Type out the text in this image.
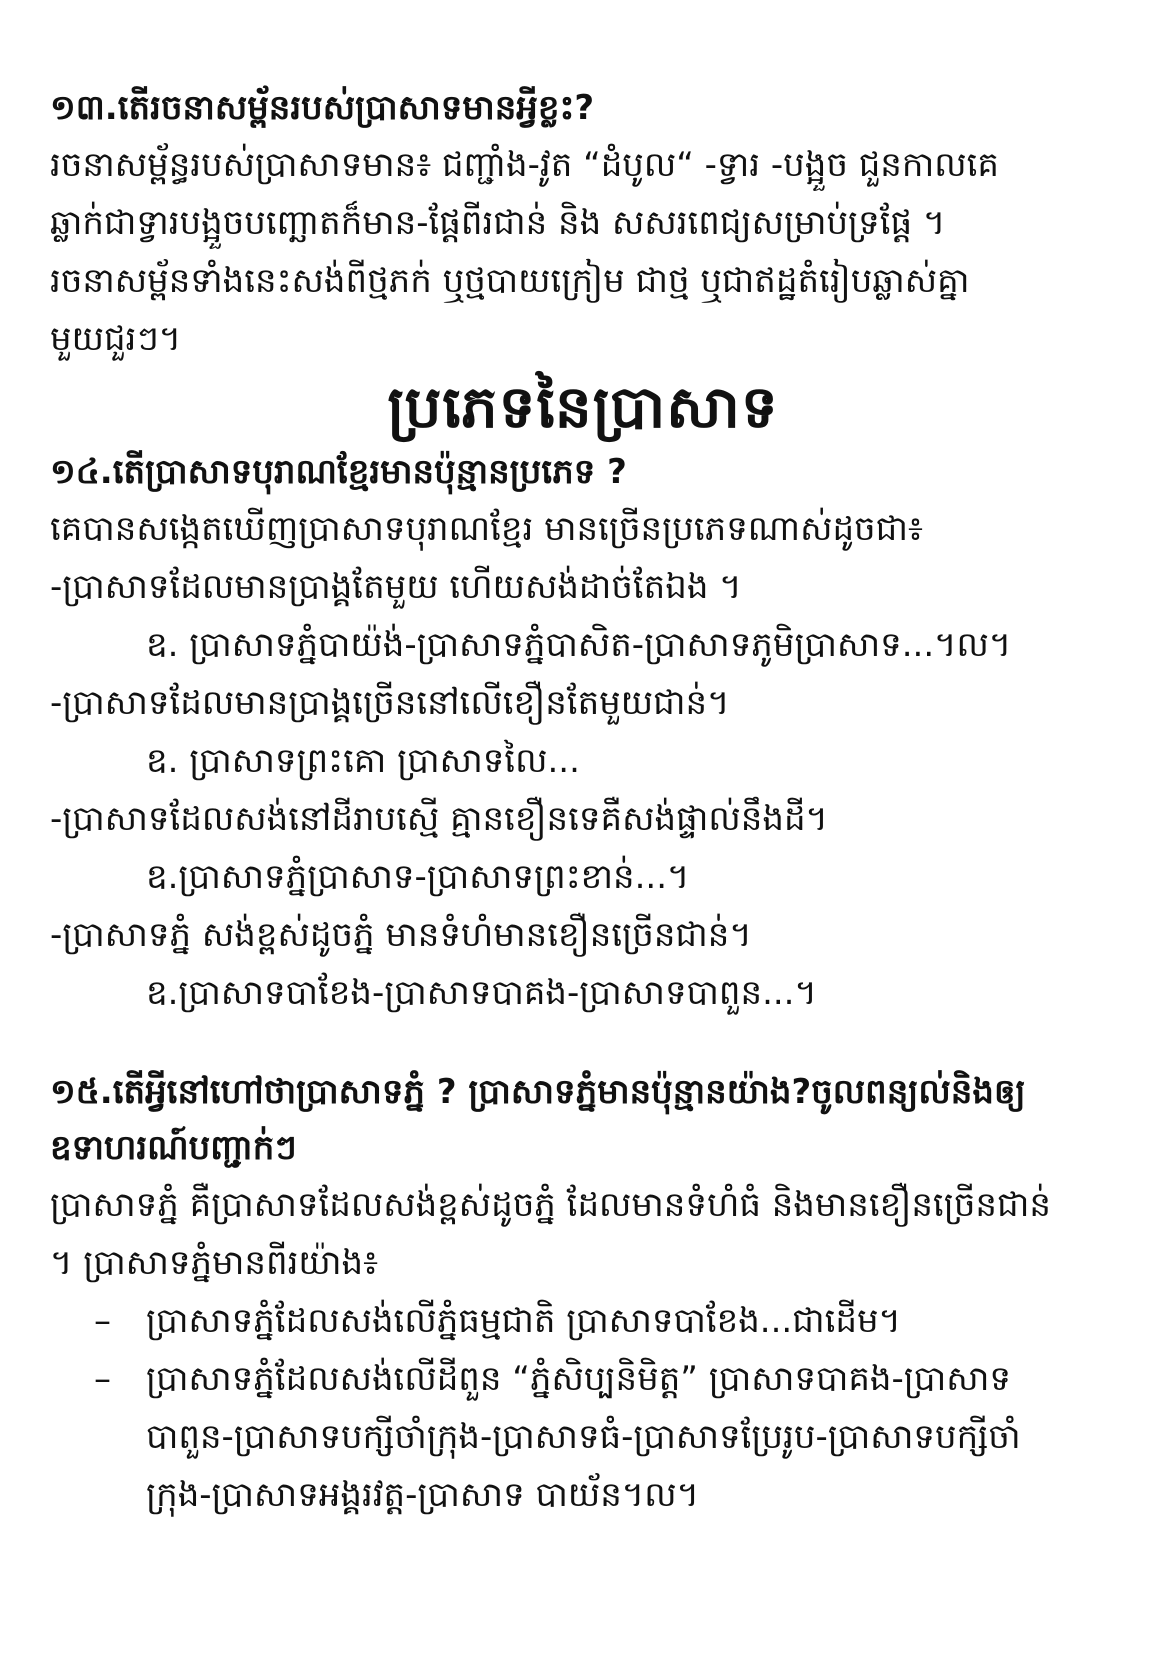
១៣.តើរចនាសម្ព័នរបស់ប្រាសាទមានអ្វីខ្លះ?

រចនាសម្ព័ន្ធរបស់ប្រាសាទមាន៖ ជញ្ជាំង-វូត “ដំបូល“ -ទ្វារ -បង្អួច ជួនកាលគេ
ឆ្លាក់ជាទ្វារបង្អួចបញ្ឆោតក៏មាន-ផ្ដែពីរជាន់ និង សសរពេជ្យសម្រាប់ទ្រផ្ដែ ។
រចនាសម្ព័នទាំងនេះសង់ពីថ្មភក់ ឬថ្មបាយក្រៀម ជាថ្ម ឬជាឥដ្ឋតំរៀបឆ្លាស់គ្នា
មួយជួរៗ។
ប្រភេទនៃប្រាសាទ

១៤.តើប្រាសាទបុរាណខ្មែរមានប៉ុន្មានប្រភេទ ?

គេបានសង្កេតឃើញប្រាសាទបុរាណខ្មែរ មានច្រើនប្រភេទណាស់ដូចជា៖
-ប្រាសាទដែលមានប្រាង្គតែមួយ ហើយសង់ដាច់តែឯង ។
ឧ. ប្រាសាទភ្នំបាយ៉ង់-ប្រាសាទភ្នំបាសិត-ប្រាសាទភូមិប្រាសាទ...។ល។
-ប្រាសាទដែលមានប្រាង្គច្រើននៅលើខឿនតែមួយជាន់។
ឧ. ប្រាសាទព្រះគោ ប្រាសាទលៃ...
-ប្រាសាទដែលសង់នៅដីរាបស្មើ គ្មានខឿនទេគឺសង់ផ្ទាល់នឹងដី។
ឧ.ប្រាសាទភ្នំប្រាសាទ-ប្រាសាទព្រះខាន់...។
-ប្រាសាទភ្នំ សង់ខ្ពស់ដូចភ្នំ មានទំហំមានខឿនច្រើនជាន់។
ឧ.ប្រាសាទបាខែង-ប្រាសាទបាគង-ប្រាសាទបាពួន...។
១៥.តើអ្វីនៅហៅថាប្រាសាទភ្នំ ? ប្រាសាទភ្នំមានប៉ុន្មានយ៉ាង?ចូលពន្យល់និងឲ្យ
ឧទាហរណ៍បញ្ជាក់ៗ
ប្រាសាទភ្នំ គឺប្រាសាទដែលសង់ខ្ពស់ដូចភ្នំ ដែលមានទំហំធំ និងមានខឿនច្រើនជាន់
។ ប្រាសាទភ្នំមានពីរយ៉ាង៖
– ប្រាសាទភ្នំដែលសង់លើភ្នំធម្មជាតិ ប្រាសាទបាខែង...ជាដើម។
– ប្រាសាទភ្នំដែលសង់លើដីពួន “ភ្នំសិប្បនិមិត្ត” ប្រាសាទបាគង-ប្រាសាទ
បាពួន-ប្រាសាទបក្សីចាំក្រុង-ប្រាសាទធំ-ប្រាសាទប្រែរូប-ប្រាសាទបក្សីចាំ
ក្រុង-ប្រាសាទអង្គរវត្ត-ប្រាសាទ បាយ័ន។ល។
